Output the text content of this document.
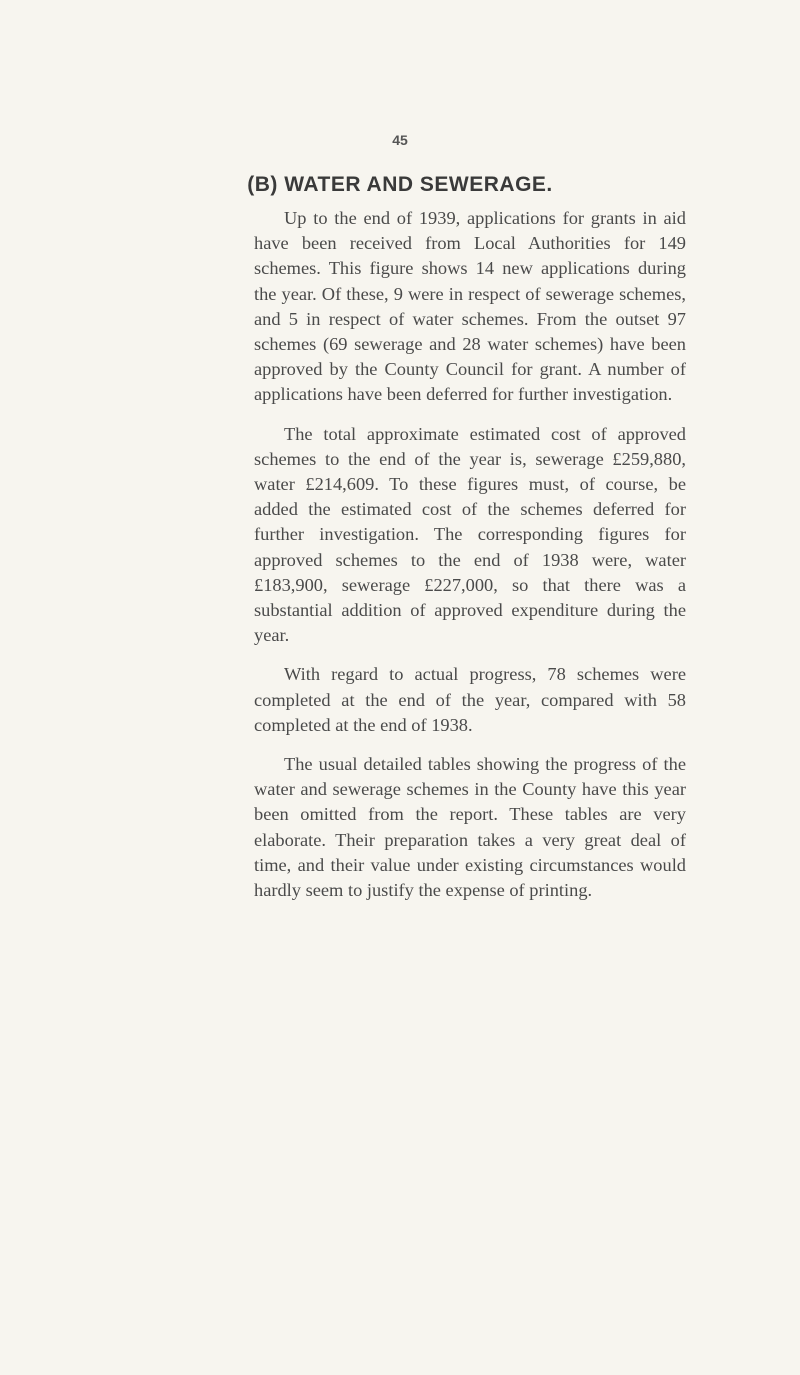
45
(B) WATER AND SEWERAGE.

Up to the end of 1939, applications for grants in aid have been received from Local Authorities for 149 schemes. This figure shows 14 new applications during the year. Of these, 9 were in respect of sewerage schemes, and 5 in respect of water schemes. From the outset 97 schemes (69 sewerage and 28 water schemes) have been approved by the County Council for grant. A number of applications have been deferred for further investigation.

The total approximate estimated cost of approved schemes to the end of the year is, sewerage £259,880, water £214,609. To these figures must, of course, be added the estimated cost of the schemes deferred for further investigation. The corresponding figures for approved schemes to the end of 1938 were, water £183,900, sewerage £227,000, so that there was a substantial addition of approved expenditure during the year.

With regard to actual progress, 78 schemes were completed at the end of the year, compared with 58 completed at the end of 1938.

The usual detailed tables showing the progress of the water and sewerage schemes in the County have this year been omitted from the report. These tables are very elaborate. Their preparation takes a very great deal of time, and their value under existing circumstances would hardly seem to justify the expense of printing.
